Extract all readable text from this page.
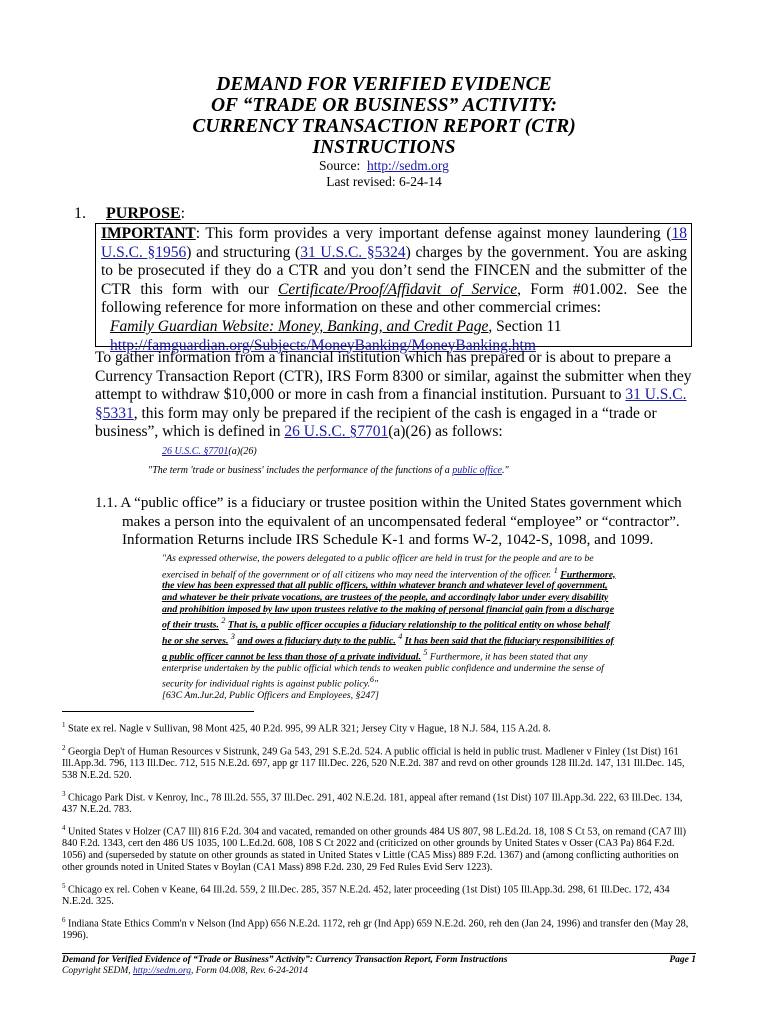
DEMAND FOR VERIFIED EVIDENCE
OF “TRADE OR BUSINESS” ACTIVITY:
CURRENCY TRANSACTION REPORT (CTR)
INSTRUCTIONS
Source: http://sedm.org
Last revised: 6-24-14
1. PURPOSE:
IMPORTANT: This form provides a very important defense against money laundering (18 U.S.C. §1956) and structuring (31 U.S.C. §5324) charges by the government. You are asking to be prosecuted if they do a CTR and you don’t send the FINCEN and the submitter of the CTR this form with our Certificate/Proof/Affidavit of Service, Form #01.002. See the following reference for more information on these and other commercial crimes:
Family Guardian Website: Money, Banking, and Credit Page, Section 11
http://famguardian.org/Subjects/MoneyBanking/MoneyBanking.htm
To gather information from a financial institution which has prepared or is about to prepare a Currency Transaction Report (CTR), IRS Form 8300 or similar, against the submitter when they attempt to withdraw $10,000 or more in cash from a financial institution. Pursuant to 31 U.S.C. §5331, this form may only be prepared if the recipient of the cash is engaged in a “trade or business”, which is defined in 26 U.S.C. §7701(a)(26) as follows:
26 U.S.C. §7701(a)(26)
"The term 'trade or business' includes the performance of the functions of a public office."
1.1. A “public office” is a fiduciary or trustee position within the United States government which makes a person into the equivalent of an uncompensated federal “employee” or “contractor”. Information Returns include IRS Schedule K-1 and forms W-2, 1042-S, 1098, and 1099.
"As expressed otherwise, the powers delegated to a public officer are held in trust for the people and are to be exercised in behalf of the government or of all citizens who may need the intervention of the officer. $^1$ Furthermore, the view has been expressed that all public officers, within whatever branch and whatever level of government, and whatever be their private vocations, are trustees of the people, and accordingly labor under every disability and prohibition imposed by law upon trustees relative to the making of personal financial gain from a discharge of their trusts. $^2$ That is, a public officer occupies a fiduciary relationship to the political entity on whose behalf he or she serves. $^3$ and owes a fiduciary duty to the public. $^4$ It has been said that the fiduciary responsibilities of a public officer cannot be less than those of a private individual. $^5$ Furthermore, it has been stated that any enterprise undertaken by the public official which tends to weaken public confidence and undermine the sense of security for individual rights is against public policy.$^6$"
[63C Am.Jur.2d, Public Officers and Employees, §247]
$^1$ State ex rel. Nagle v Sullivan, 98 Mont 425, 40 P.2d. 995, 99 ALR 321; Jersey City v Hague, 18 N.J. 584, 115 A.2d. 8.
$^2$ Georgia Dep't of Human Resources v Sistrunk, 249 Ga 543, 291 S.E.2d. 524. A public official is held in public trust. Madlener v Finley (1st Dist) 161 Ill.App.3d. 796, 113 Ill.Dec. 712, 515 N.E.2d. 697, app gr 117 Ill.Dec. 226, 520 N.E.2d. 387 and revd on other grounds 128 Ill.2d. 147, 131 Ill.Dec. 145, 538 N.E.2d. 520.
$^3$ Chicago Park Dist. v Kenroy, Inc., 78 Ill.2d. 555, 37 Ill.Dec. 291, 402 N.E.2d. 181, appeal after remand (1st Dist) 107 Ill.App.3d. 222, 63 Ill.Dec. 134, 437 N.E.2d. 783.
$^4$ United States v Holzer (CA7 Ill) 816 F.2d. 304 and vacated, remanded on other grounds 484 US 807, 98 L.Ed.2d. 18, 108 S Ct 53, on remand (CA7 Ill) 840 F.2d. 1343, cert den 486 US 1035, 100 L.Ed.2d. 608, 108 S Ct 2022 and (criticized on other grounds by United States v Osser (CA3 Pa) 864 F.2d. 1056) and (superseded by statute on other grounds as stated in United States v Little (CA5 Miss) 889 F.2d. 1367) and (among conflicting authorities on other grounds noted in United States v Boylan (CA1 Mass) 898 F.2d. 230, 29 Fed Rules Evid Serv 1223).
$^5$ Chicago ex rel. Cohen v Keane, 64 Ill.2d. 559, 2 Ill.Dec. 285, 357 N.E.2d. 452, later proceeding (1st Dist) 105 Ill.App.3d. 298, 61 Ill.Dec. 172, 434 N.E.2d. 325.
$^6$ Indiana State Ethics Comm'n v Nelson (Ind App) 656 N.E.2d. 1172, reh gr (Ind App) 659 N.E.2d. 260, reh den (Jan 24, 1996) and transfer den (May 28, 1996).
Demand for Verified Evidence of “Trade or Business” Activity”: Currency Transaction Report, Form Instructions
Copyright SEDM, http://sedm.org, Form 04.008, Rev. 6-24-2014
Page 1
